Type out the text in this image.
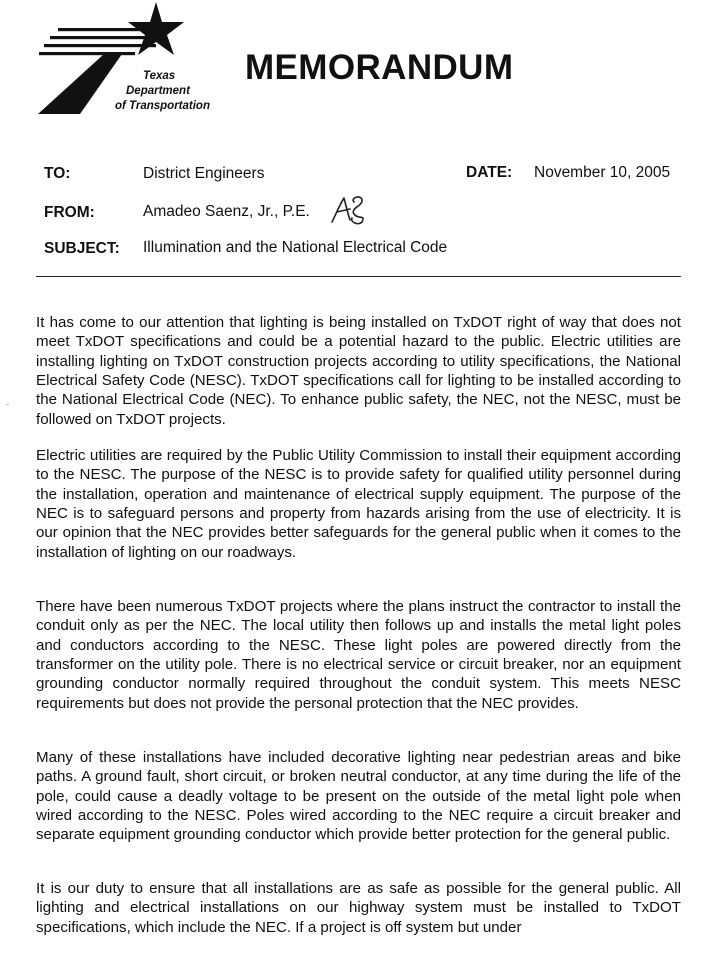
Texas
Department
of Transportation
MEMORANDUM
TO:	District Engineers	DATE: November 10, 2005
FROM:	Amadeo Saenz, Jr., P.E.
SUBJECT: Illumination and the National Electrical Code

It has come to our attention that lighting is being installed on TxDOT right of way that does not meet TxDOT specifications and could be a potential hazard to the public. Electric utilities are installing lighting on TxDOT construction projects according to utility specifications, the National Electrical Safety Code (NESC). TxDOT specifications call for lighting to be installed according to the National Electrical Code (NEC). To enhance public safety, the NEC, not the NESC, must be followed on TxDOT projects.

Electric utilities are required by the Public Utility Commission to install their equipment according to the NESC. The purpose of the NESC is to provide safety for qualified utility personnel during the installation, operation and maintenance of electrical supply equipment. The purpose of the NEC is to safeguard persons and property from hazards arising from the use of electricity. It is our opinion that the NEC provides better safeguards for the general public when it comes to the installation of lighting on our roadways.

There have been numerous TxDOT projects where the plans instruct the contractor to install the conduit only as per the NEC. The local utility then follows up and installs the metal light poles and conductors according to the NESC. These light poles are powered directly from the transformer on the utility pole. There is no electrical service or circuit breaker, nor an equipment grounding conductor normally required throughout the conduit system. This meets NESC requirements but does not provide the personal protection that the NEC provides.

Many of these installations have included decorative lighting near pedestrian areas and bike paths. A ground fault, short circuit, or broken neutral conductor, at any time during the life of the pole, could cause a deadly voltage to be present on the outside of the metal light pole when wired according to the NESC. Poles wired according to the NEC require a circuit breaker and separate equipment grounding conductor which provide better protection for the general public.

It is our duty to ensure that all installations are as safe as possible for the general public. All lighting and electrical installations on our highway system must be installed to TxDOT specifications, which include the NEC. If a project is off system but under
